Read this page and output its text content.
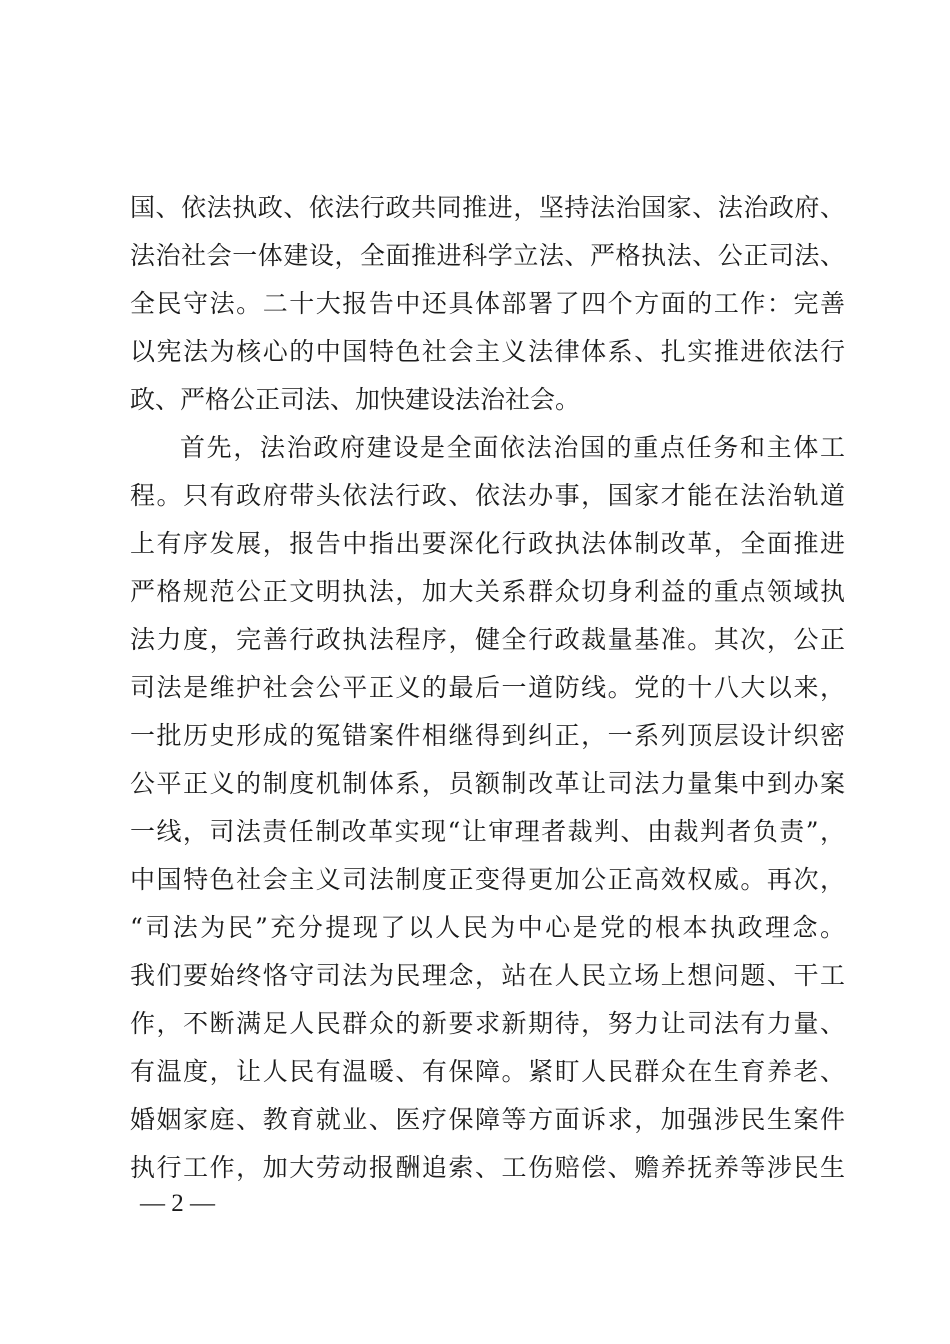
国、依法执政、依法行政共同推进，坚持法治国家、法治政府、
法治社会一体建设，全面推进科学立法、严格执法、公正司法、
全民守法。二十大报告中还具体部署了四个方面的工作：完善
以宪法为核心的中国特色社会主义法律体系、扎实推进依法行
政、严格公正司法、加快建设法治社会。
首先，法治政府建设是全面依法治国的重点任务和主体工
程。只有政府带头依法行政、依法办事，国家才能在法治轨道
上有序发展，报告中指出要深化行政执法体制改革，全面推进
严格规范公正文明执法，加大关系群众切身利益的重点领域执
法力度，完善行政执法程序，健全行政裁量基准。其次，公正
司法是维护社会公平正义的最后一道防线。党的十八大以来，
一批历史形成的冤错案件相继得到纠正，一系列顶层设计织密
公平正义的制度机制体系，员额制改革让司法力量集中到办案
一线，司法责任制改革实现“让审理者裁判、由裁判者负责”，
中国特色社会主义司法制度正变得更加公正高效权威。再次，
“司法为民”充分提现了以人民为中心是党的根本执政理念。
我们要始终恪守司法为民理念，站在人民立场上想问题、干工
作，不断满足人民群众的新要求新期待，努力让司法有力量、
有温度，让人民有温暖、有保障。紧盯人民群众在生育养老、
婚姻家庭、教育就业、医疗保障等方面诉求，加强涉民生案件
执行工作，加大劳动报酬追索、工伤赔偿、赡养抚养等涉民生
— 2 —
